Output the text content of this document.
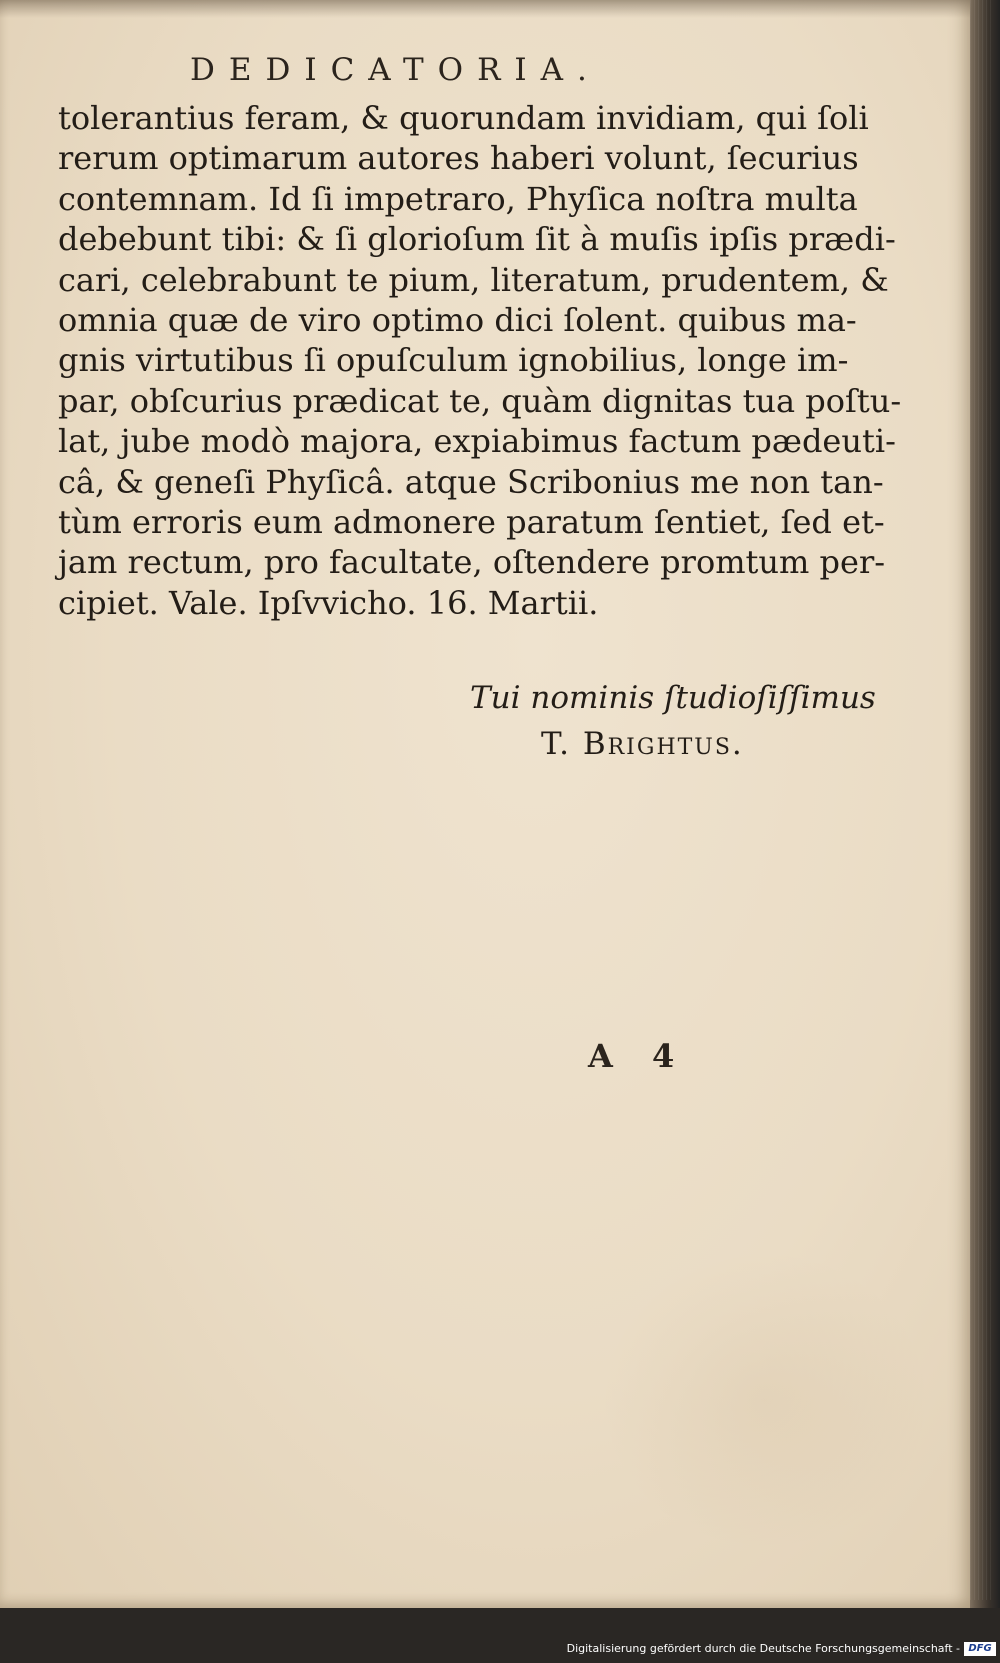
DEDICATORIA.
tolerantius feram, & quorundam invidiam, qui ſoli
rerum optimarum autores haberi volunt, ſecurius
contemnam. Id ſi impetraro, Phyſica noſtra multa
debebunt tibi: & ſi glorioſum ſit à muſis ipſis prædi-
cari, celebrabunt te pium, literatum, prudentem, &
omnia quæ de viro optimo dici ſolent. quibus ma-
gnis virtutibus ſi opuſculum ignobilius, longe im-
par, obſcurius prædicat te, quàm dignitas tua poſtu-
lat, jube modò majora, expiabimus factum pædeuti-
câ, & geneſi Phyſicâ. atque Scribonius me non tan-
tùm erroris eum admonere paratum ſentiet, ſed et-
jam rectum, pro facultate, oſtendere promtum per-
cipiet. Vale. Ipſvvicho. 16. Martii.
Tui nominis ſtudioſiſſimus
T. Brightus.
A 4
Digitalisierung gefördert durch die Deutsche Forschungsgemeinschaft - DFG
